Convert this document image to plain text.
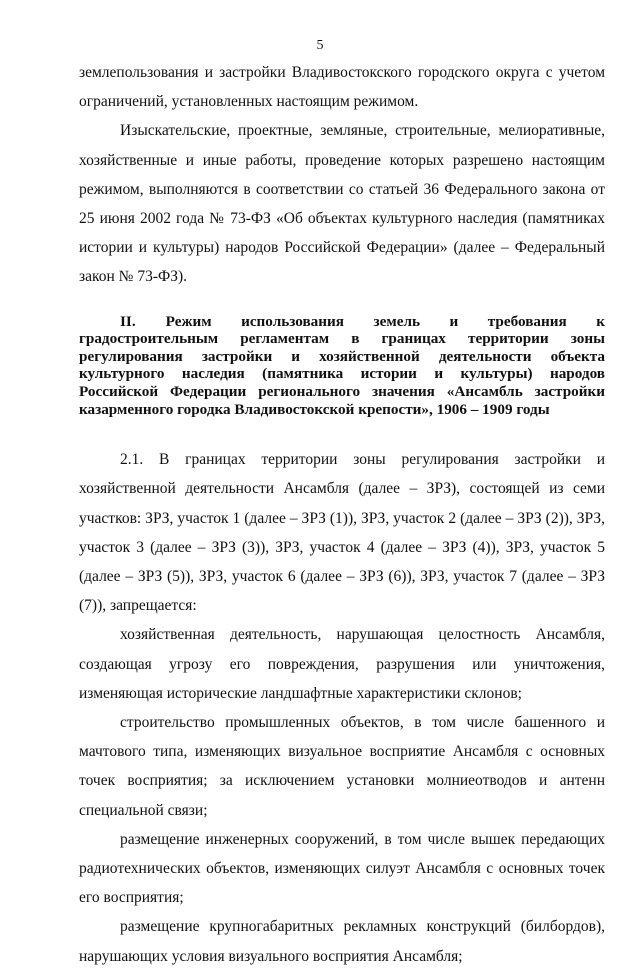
5

землепользования и застройки Владивостокского городского округа с учетом ограничений, установленных настоящим режимом.

Изыскательские, проектные, земляные, строительные, мелиоративные, хозяйственные и иные работы, проведение которых разрешено настоящим режимом, выполняются в соответствии со статьей 36 Федерального закона от 25 июня 2002 года № 73-ФЗ «Об объектах культурного наследия (памятниках истории и культуры) народов Российской Федерации» (далее – Федеральный закон № 73-ФЗ).

II. Режим использования земель и требования к градостроительным регламентам в границах территории зоны регулирования застройки и хозяйственной деятельности объекта культурного наследия (памятника истории и культуры) народов Российской Федерации регионального значения «Ансамбль застройки казарменного городка Владивостокской крепости», 1906 – 1909 годы

2.1. В границах территории зоны регулирования застройки и хозяйственной деятельности Ансамбля (далее – ЗРЗ), состоящей из семи участков: ЗРЗ, участок 1 (далее – ЗРЗ (1)), ЗРЗ, участок 2 (далее – ЗРЗ (2)), ЗРЗ, участок 3 (далее – ЗРЗ (3)), ЗРЗ, участок 4 (далее – ЗРЗ (4)), ЗРЗ, участок 5 (далее – ЗРЗ (5)), ЗРЗ, участок 6 (далее – ЗРЗ (6)), ЗРЗ, участок 7 (далее – ЗРЗ (7)), запрещается:

хозяйственная деятельность, нарушающая целостность Ансамбля, создающая угрозу его повреждения, разрушения или уничтожения, изменяющая исторические ландшафтные характеристики склонов;

строительство промышленных объектов, в том числе башенного и мачтового типа, изменяющих визуальное восприятие Ансамбля с основных точек восприятия; за исключением установки молниеотводов и антенн специальной связи;

размещение инженерных сооружений, в том числе вышек передающих радиотехнических объектов, изменяющих силуэт Ансамбля с основных точек его восприятия;

размещение крупногабаритных рекламных конструкций (билбордов), нарушающих условия визуального восприятия Ансамбля;
